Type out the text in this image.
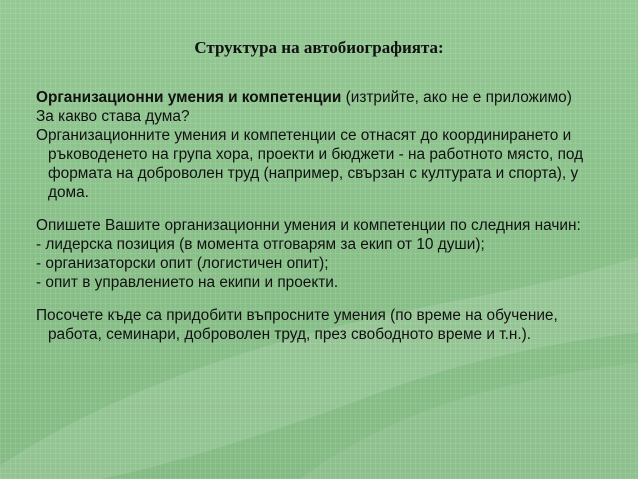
Структура на автобиографията:

Организационни умения и компетенции (изтрийте, ако не е приложимо)

За какво става дума?

Организационните умения и компетенции се отнасят до координирането и ръководенето на група хора, проекти и бюджети - на работното място, под формата на доброволен труд (например, свързан с културата и спорта), у дома.

Опишете Вашите организационни умения и компетенции по следния начин:

- лидерска позиция (в момента отговарям за екип от 10 души);

- организаторски опит (логистичен опит);

- опит в управлението на екипи и проекти.

Посочете къде са придобити въпросните умения (по време на обучение, работа, семинари, доброволен труд, през свободното време и т.н.).
